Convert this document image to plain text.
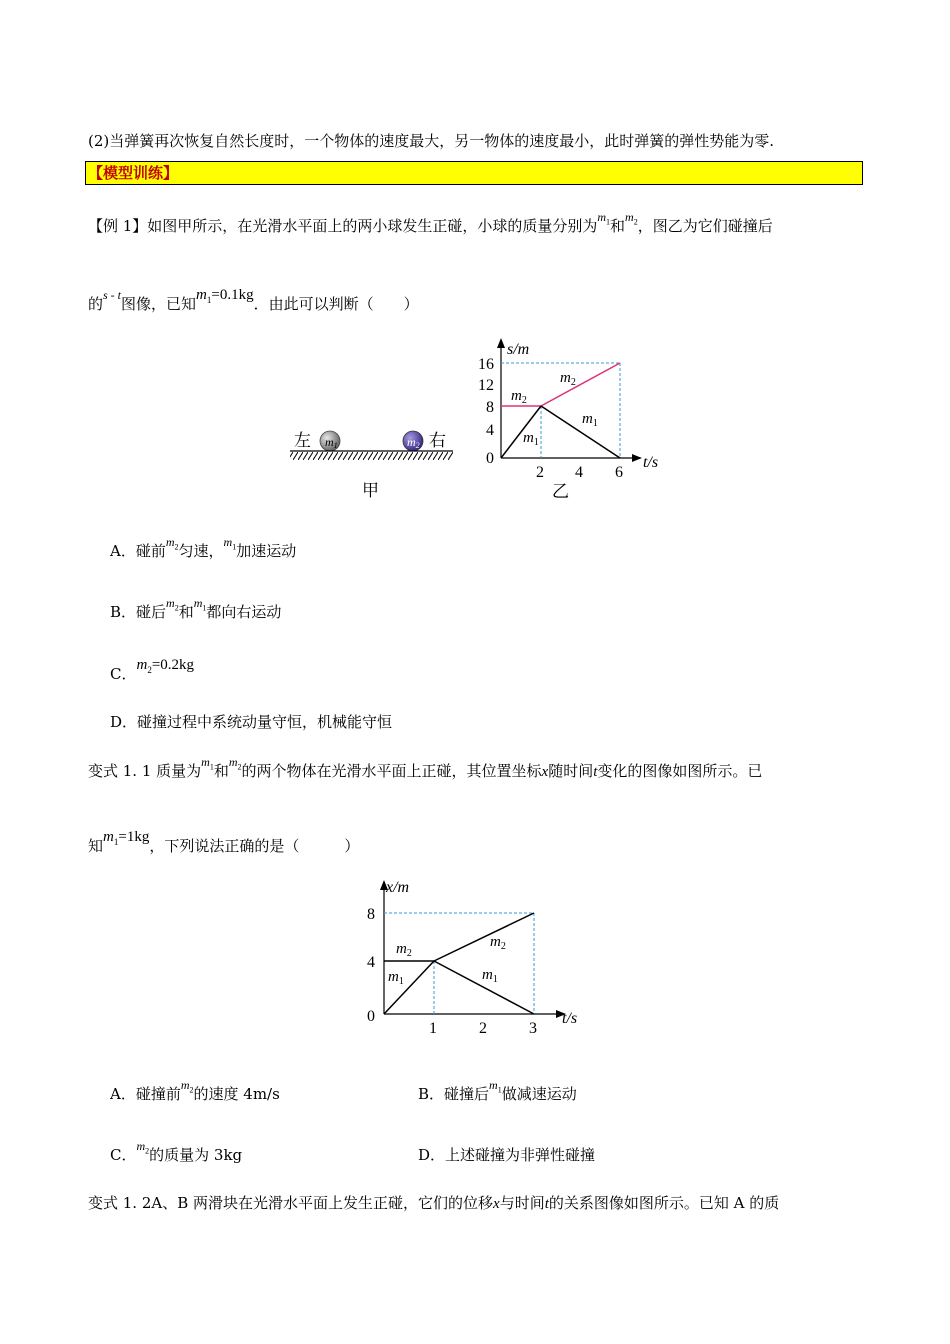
(2)当弹簧再次恢复自然长度时，一个物体的速度最大，另一物体的速度最小，此时弹簧的弹性势能为零.
【模型训练】
【例 1】如图甲所示，在光滑水平面上的两小球发生正碰，小球的质量分别为$^{m_1}$和$^{m_2}$，图乙为它们碰撞后
的$^{s - t}$图像，已知$m_1=0.1kg$．由此可以判断（　　）
左 m1	m2 右
甲
s/m
t/s
16
12
8
4
0
2 4 6
$m_2$
$m_1$
$m_2$
$m_1$
乙
A．碰前$^{m_2}$匀速，$^{m_1}$加速运动
B．碰后$^{m_2}$和$^{m_1}$都向右运动
C．$m_2=0.2kg$
D．碰撞过程中系统动量守恒，机械能守恒
变式 1. 1 质量为$^{m_1}$和$^{m_2}$的两个物体在光滑水平面上正碰，其位置坐标x随时间t变化的图像如图所示。已
知$m_1=1kg$，下列说法正确的是（　　　）
x/m
t/s
8
4
0
1	2	3
$m_2$
$m_1$
$m_2$
$m_1$
A．碰撞前$^{m_2}$的速度 4m/s	B．碰撞后$^{m_1}$做减速运动
C．$^{m_2}$的质量为 3kg	D．上述碰撞为非弹性碰撞
变式 1. 2A、B 两滑块在光滑水平面上发生正碰，它们的位移x与时间t的关系图像如图所示。已知 A 的质
